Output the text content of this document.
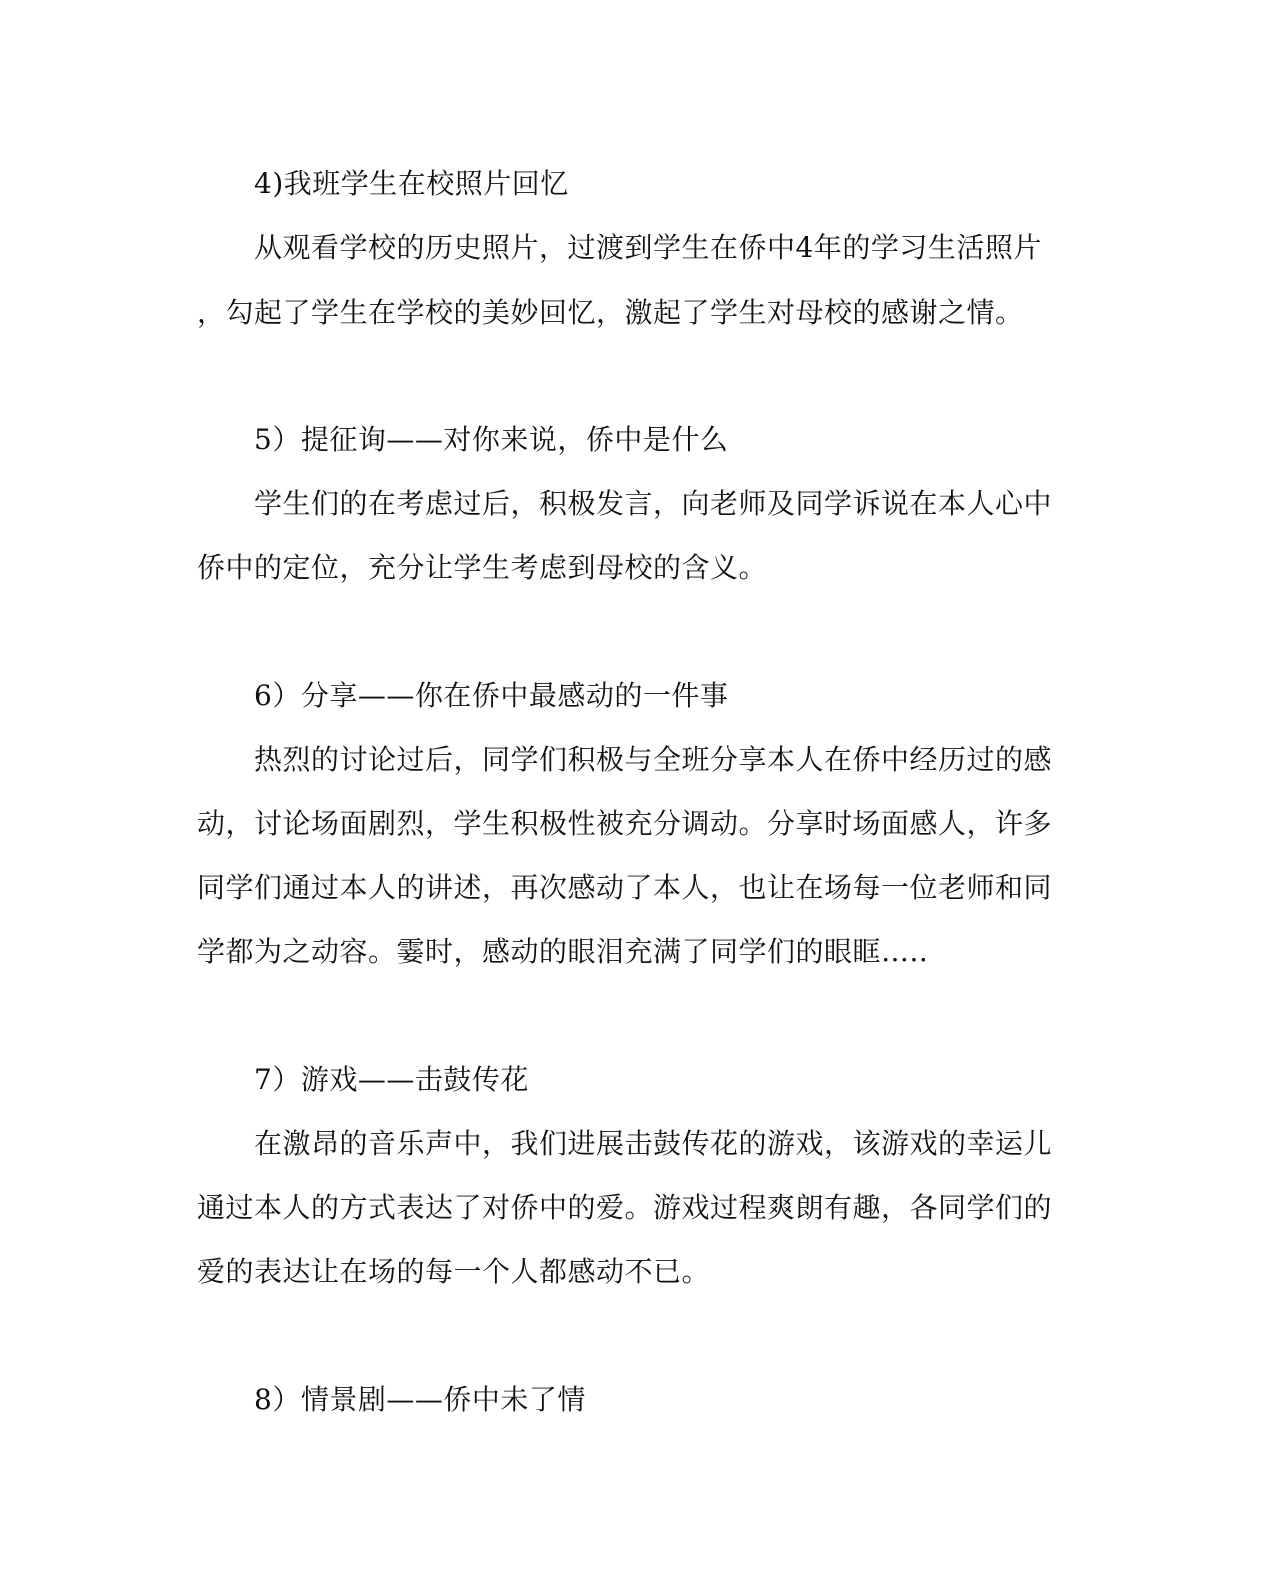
4)我班学生在校照片回忆
从观看学校的历史照片，过渡到学生在侨中4年的学习生活照片
，勾起了学生在学校的美妙回忆，激起了学生对母校的感谢之情。
5）提征询——对你来说，侨中是什么
学生们的在考虑过后，积极发言，向老师及同学诉说在本人心中
侨中的定位，充分让学生考虑到母校的含义。
6）分享——你在侨中最感动的一件事
热烈的讨论过后，同学们积极与全班分享本人在侨中经历过的感
动，讨论场面剧烈，学生积极性被充分调动。分享时场面感人，许多
同学们通过本人的讲述，再次感动了本人，也让在场每一位老师和同
学都为之动容。霎时，感动的眼泪充满了同学们的眼眶…..
7）游戏——击鼓传花
在激昂的音乐声中，我们进展击鼓传花的游戏，该游戏的幸运儿
通过本人的方式表达了对侨中的爱。游戏过程爽朗有趣，各同学们的
爱的表达让在场的每一个人都感动不已。
8）情景剧——侨中未了情
